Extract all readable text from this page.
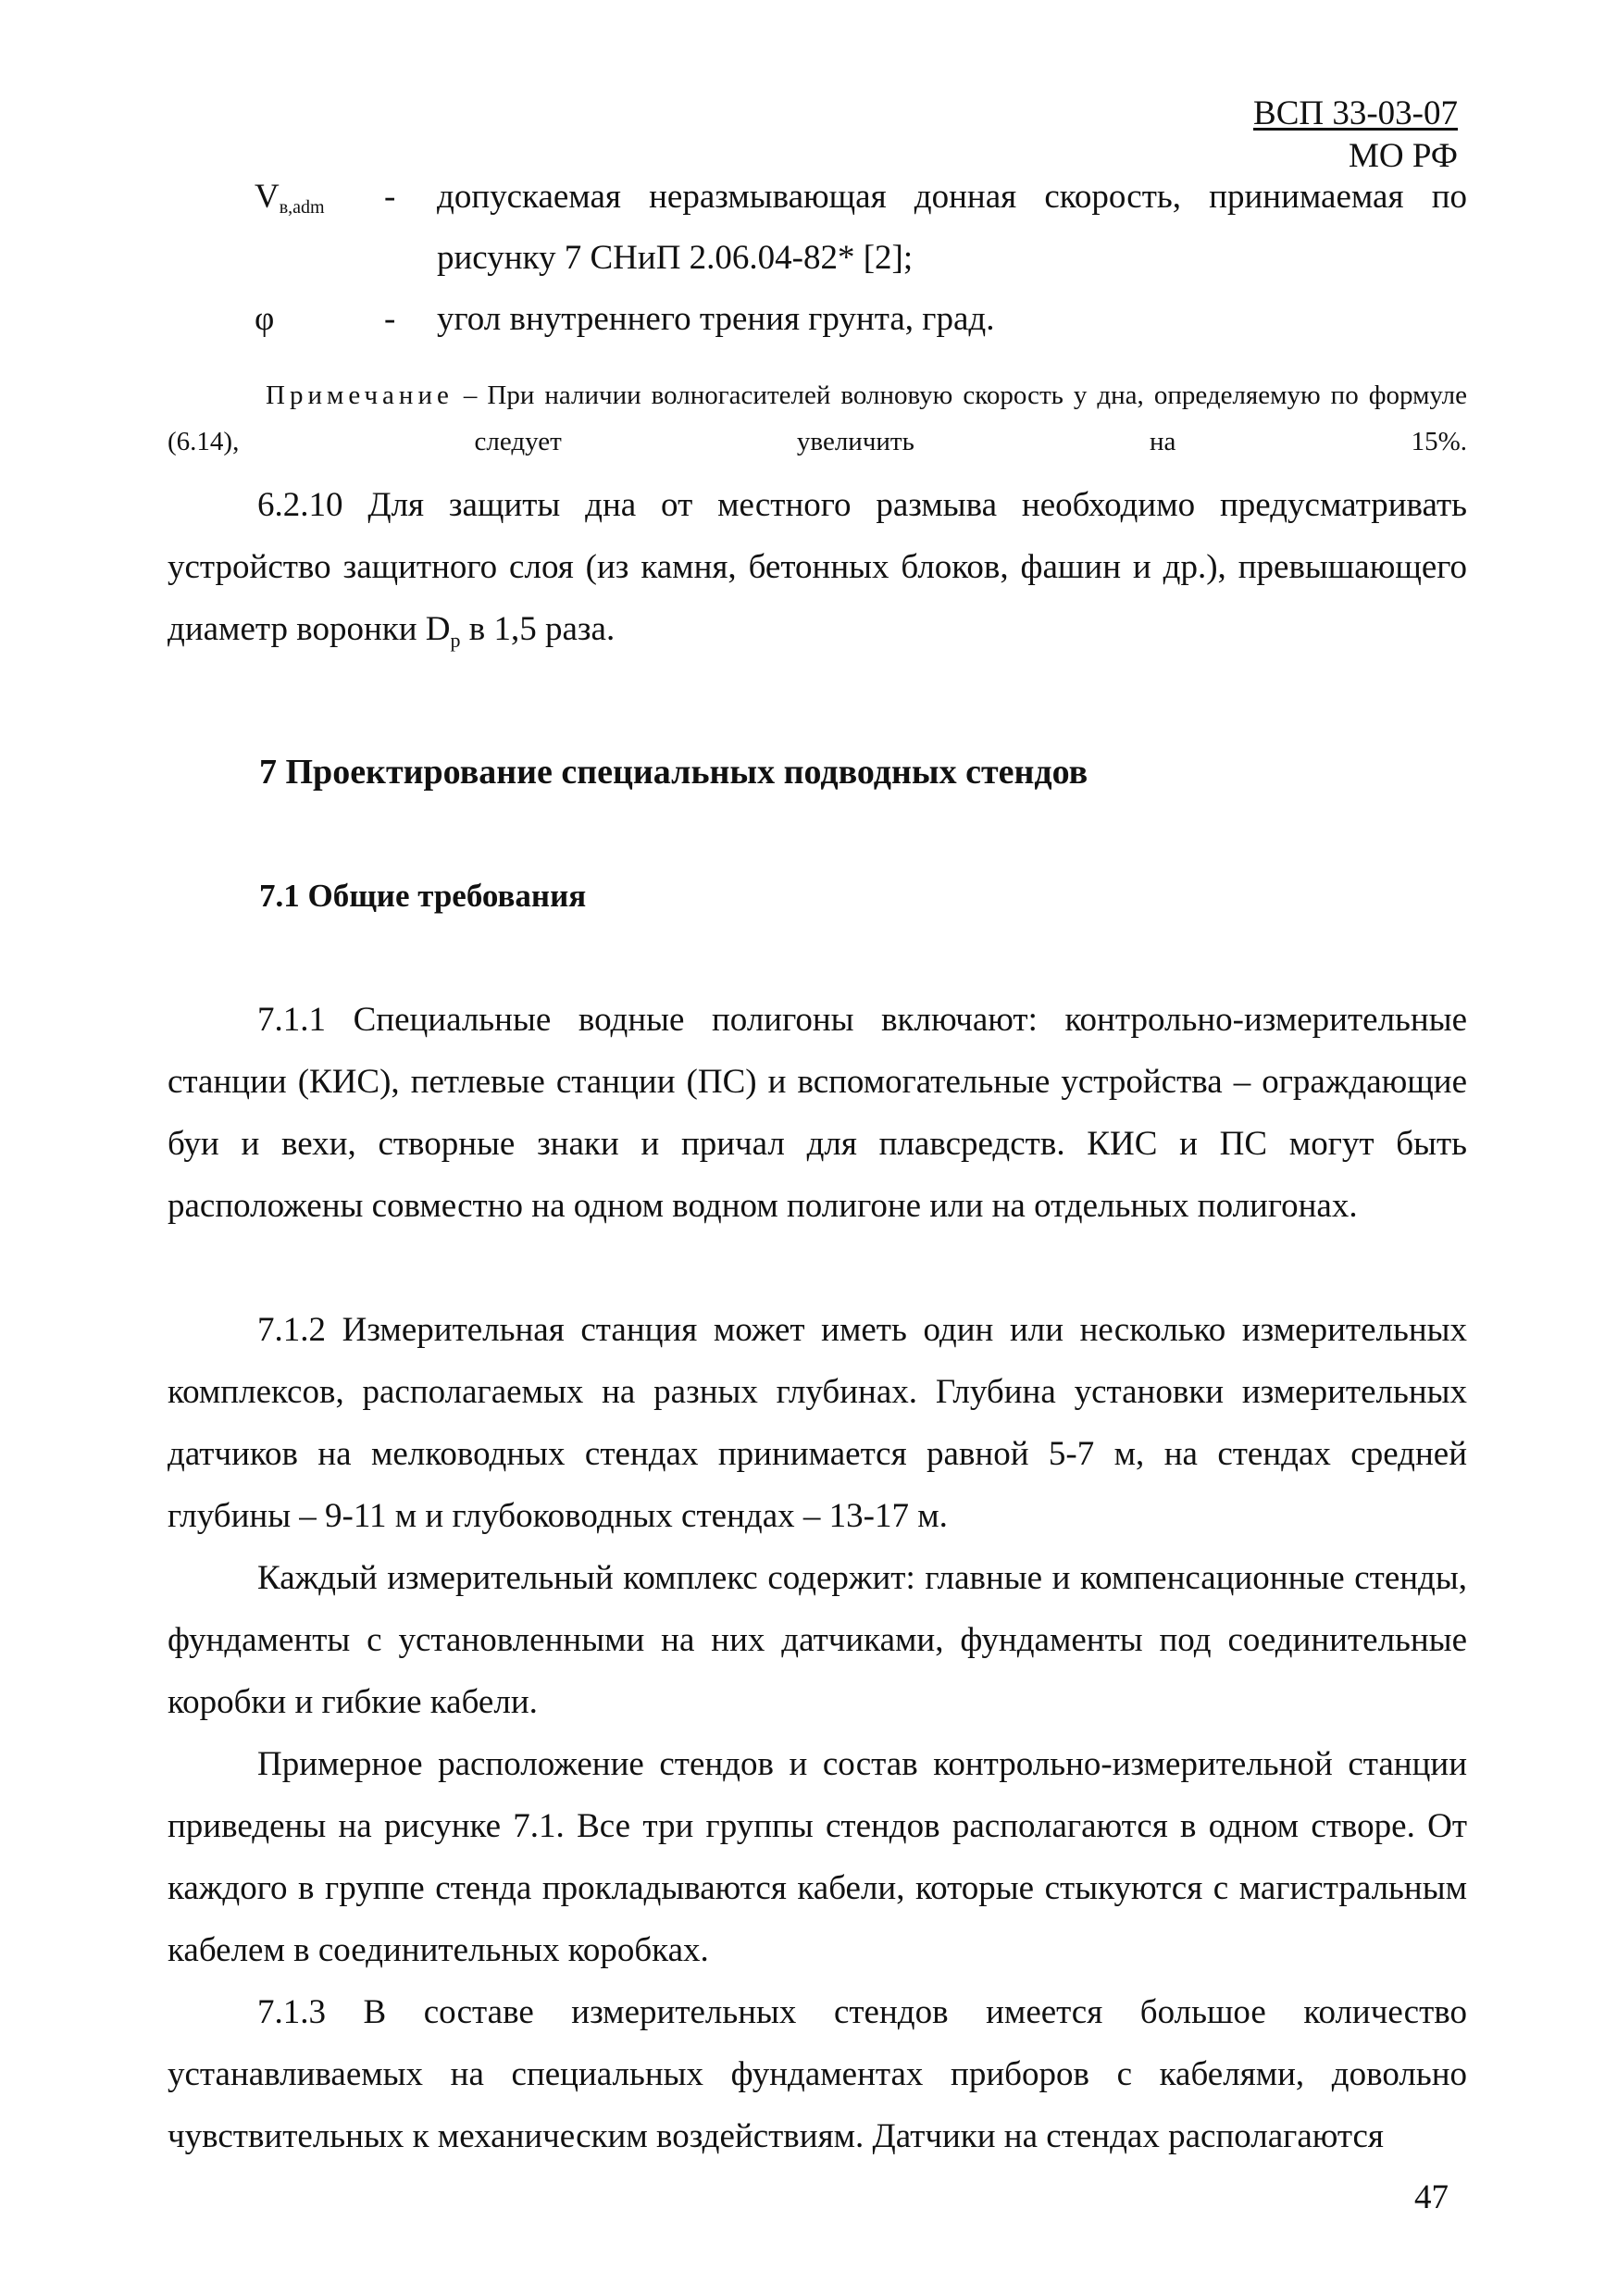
ВСП 33-03-07
МО РФ
$V_{в,adm}$ - допускаемая неразмывающая донная скорость, принимаемая по рисунку 7 СНиП 2.06.04-82* [2];
φ	- угол внутреннего трения грунта, град.
Примечание – При наличии волногасителей волновую скорость у дна, определяемую по формуле (6.14), следует увеличить на 15%.

6.2.10 Для защиты дна от местного размыва необходимо предусматривать устройство защитного слоя (из камня, бетонных блоков, фашин и др.), превышающего диаметр воронки $D_р$ в 1,5 раза.

7 Проектирование специальных подводных стендов
7.1 Общие требования

7.1.1 Специальные водные полигоны включают: контрольно-измерительные станции (КИС), петлевые станции (ПС) и вспомогательные устройства – ограждающие буи и вехи, створные знаки и причал для плавсредств. КИС и ПС могут быть расположены совместно на одном водном полигоне или на отдельных полигонах.

7.1.2 Измерительная станция может иметь один или несколько измерительных комплексов, располагаемых на разных глубинах. Глубина установки измерительных датчиков на мелководных стендах принимается равной 5-7 м, на стендах средней глубины – 9-11 м и глубоководных стендах – 13-17 м.

Каждый измерительный комплекс содержит: главные и компенсационные стенды, фундаменты с установленными на них датчиками, фундаменты под соединительные коробки и гибкие кабели.

Примерное расположение стендов и состав контрольно-измерительной станции приведены на рисунке 7.1. Все три группы стендов располагаются в одном створе. От каждого в группе стенда прокладываются кабели, которые стыкуются с магистральным кабелем в соединительных коробках.

7.1.3 В составе измерительных стендов имеется большое количество устанавливаемых на специальных фундаментах приборов с кабелями, довольно чувствительных к механическим воздействиям. Датчики на стендах располагаются

47
